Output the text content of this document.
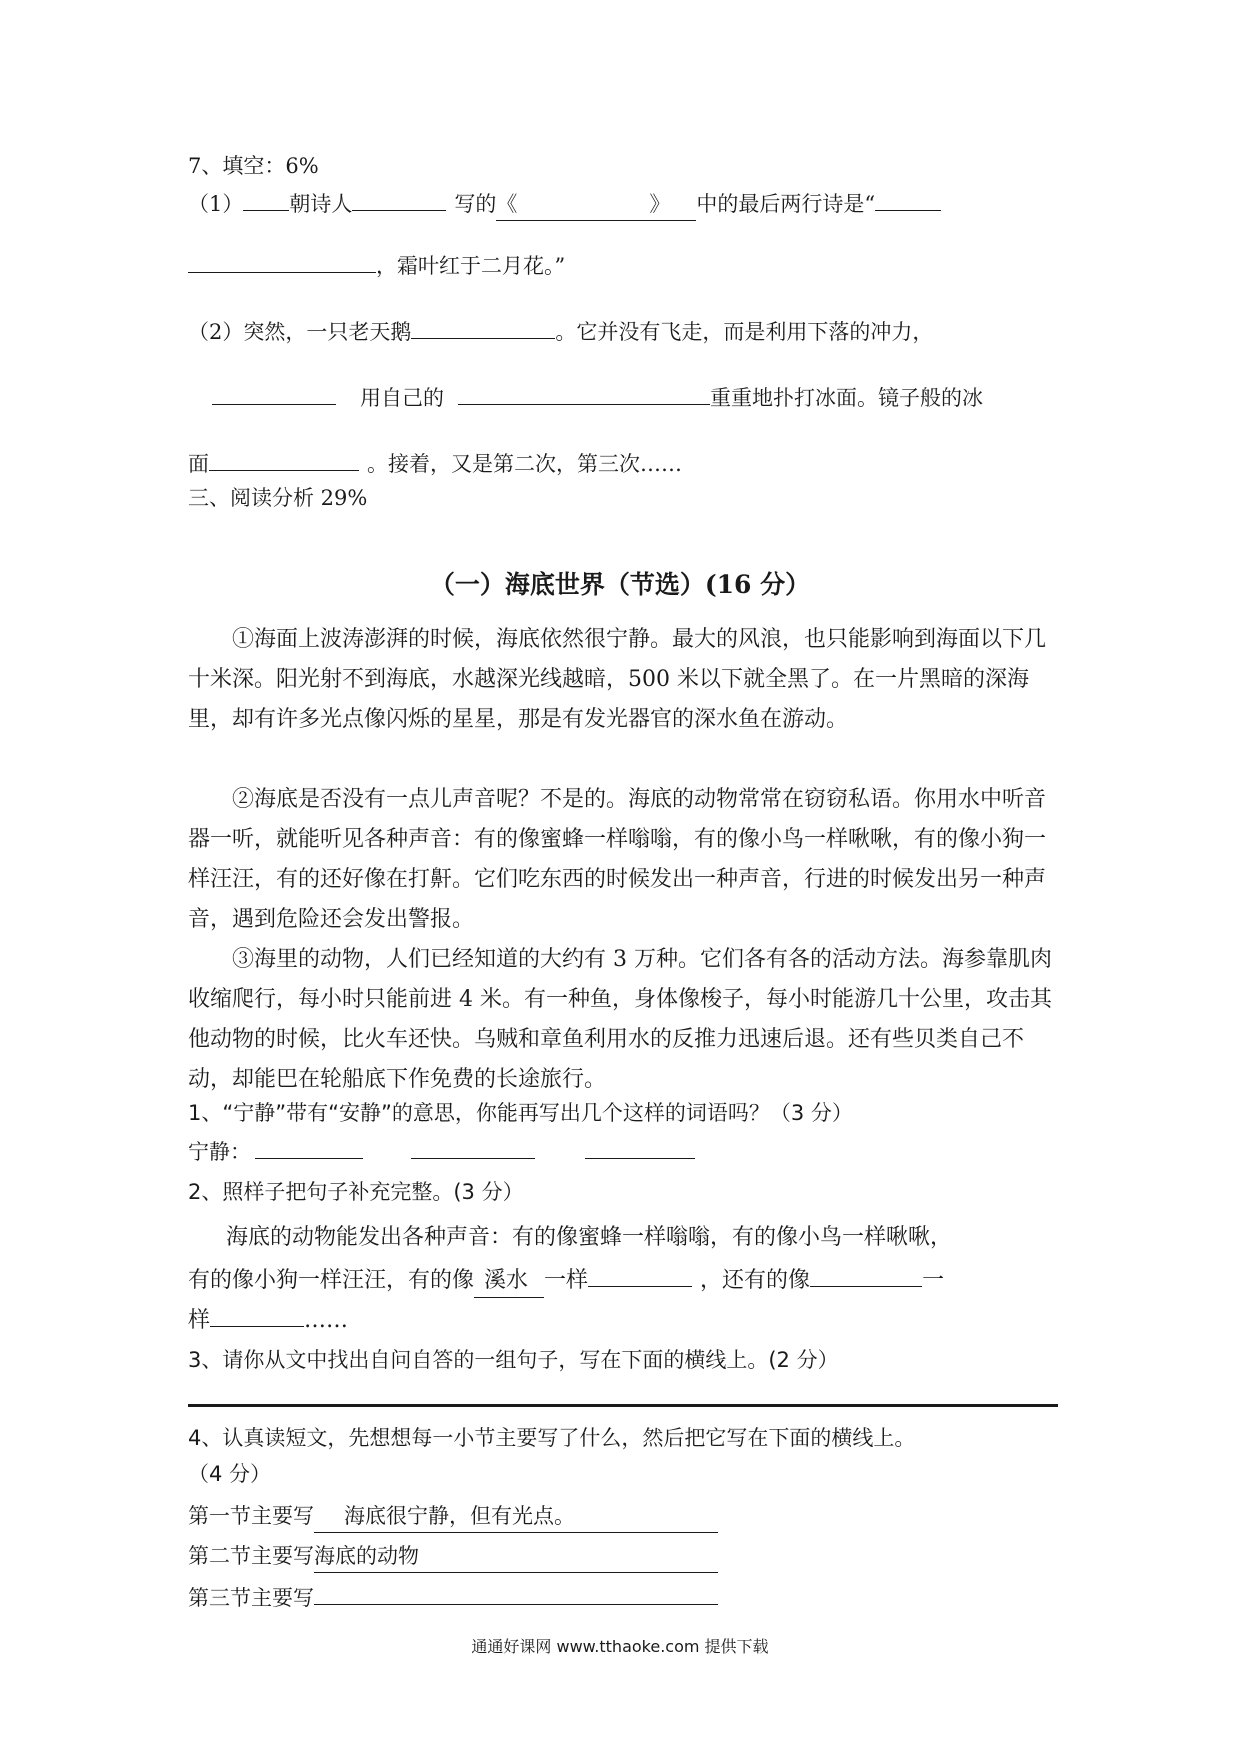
7、填空：6%
（1） 朝诗人	写的《	》 中的最后两行诗是“
，霜叶红于二月花。”
（2）突然，一只老天鹅	。它并没有飞走，而是利用下落的冲力，
用自己的	重重地扑打冰面。镜子般的冰
面	。接着，又是第二次，第三次……
三、阅读分析 29%
（一）海底世界（节选）(16 分）
①海面上波涛澎湃的时候，海底依然很宁静。最大的风浪，也只能影响到海面以下几十米深。阳光射不到海底，水越深光线越暗，500 米以下就全黑了。在一片黑暗的深海里，却有许多光点像闪烁的星星，那是有发光器官的深水鱼在游动。
②海底是否没有一点儿声音呢？不是的。海底的动物常常在窃窃私语。你用水中听音器一听，就能听见各种声音：有的像蜜蜂一样嗡嗡，有的像小鸟一样啾啾，有的像小狗一样汪汪，有的还好像在打鼾。它们吃东西的时候发出一种声音，行进的时候发出另一种声音，遇到危险还会发出警报。
③海里的动物，人们已经知道的大约有 3 万种。它们各有各的活动方法。海参靠肌肉收缩爬行，每小时只能前进 4 米。有一种鱼，身体像梭子，每小时能游几十公里，攻击其他动物的时候，比火车还快。乌贼和章鱼利用水的反推力迅速后退。还有些贝类自己不动，却能巴在轮船底下作免费的长途旅行。
1、“宁静”带有“安静”的意思，你能再写出几个这样的词语吗？（3 分）
宁静：
2、照样子把句子补充完整。(3 分）
海底的动物能发出各种声音：有的像蜜蜂一样嗡嗡，有的像小鸟一样啾啾，
有的像小狗一样汪汪，有的像 溪水 一样	，还有的像	一
样	……
3、请你从文中找出自问自答的一组句子，写在下面的横线上。(2 分）
4、认真读短文，先想想每一小节主要写了什么，然后把它写在下面的横线上。
（4 分）
第一节主要写 海底很宁静，但有光点。
第二节主要写海底的动物
第三节主要写
通通好课网 www.tthaoke.com 提供下载
